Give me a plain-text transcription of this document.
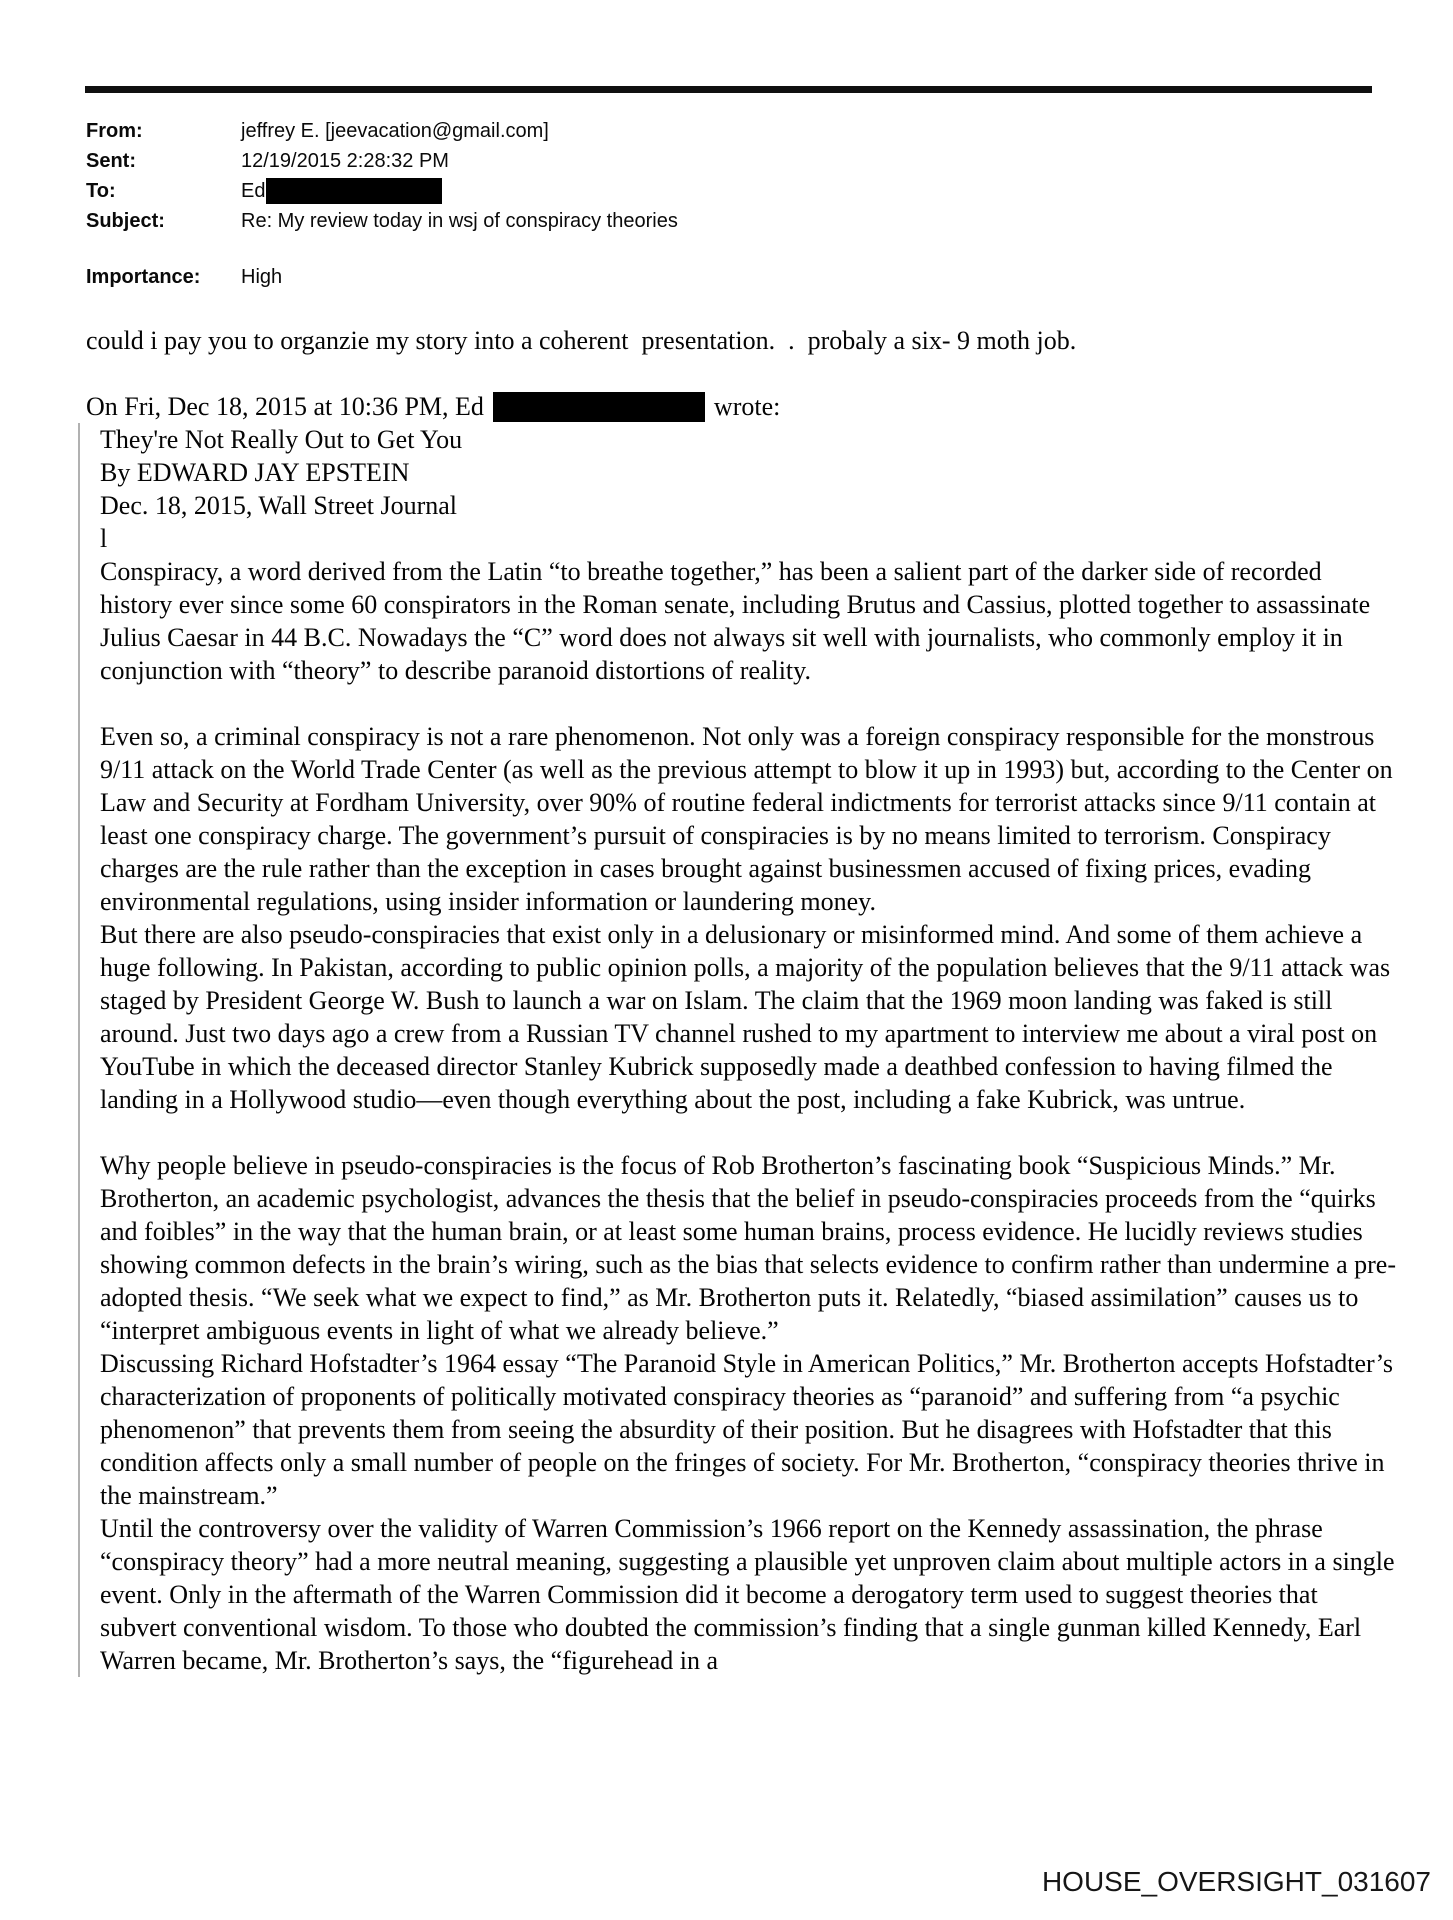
From:	jeffrey E. [jeevacation@gmail.com]
Sent:	12/19/2015 2:28:32 PM
To:	Ed
Subject:	Re: My review today in wsj of conspiracy theories
Importance:	High
could i pay you to organzie my story into a coherent  presentation.  .  probaly a six- 9 moth job.
On Fri, Dec 18, 2015 at 10:36 PM, Ed	wrote:
They're Not Really Out to Get You
By EDWARD JAY EPSTEIN
Dec. 18, 2015, Wall Street Journal
l
Conspiracy, a word derived from the Latin “to breathe together,” has been a salient part of the darker side of recorded history ever since some 60 conspirators in the Roman senate, including Brutus and Cassius, plotted together to assassinate Julius Caesar in 44 B.C. Nowadays the “C” word does not always sit well with journalists, who commonly employ it in conjunction with “theory” to describe paranoid distortions of reality.
Even so, a criminal conspiracy is not a rare phenomenon. Not only was a foreign conspiracy responsible for the monstrous 9/11 attack on the World Trade Center (as well as the previous attempt to blow it up in 1993) but, according to the Center on Law and Security at Fordham University, over 90% of routine federal indictments for terrorist attacks since 9/11 contain at least one conspiracy charge. The government’s pursuit of conspiracies is by no means limited to terrorism. Conspiracy charges are the rule rather than the exception in cases brought against businessmen accused of fixing prices, evading environmental regulations, using insider information or laundering money.
But there are also pseudo-conspiracies that exist only in a delusionary or misinformed mind. And some of them achieve a huge following. In Pakistan, according to public opinion polls, a majority of the population believes that the 9/11 attack was staged by President George W. Bush to launch a war on Islam. The claim that the 1969 moon landing was faked is still around. Just two days ago a crew from a Russian TV channel rushed to my apartment to interview me about a viral post on YouTube in which the deceased director Stanley Kubrick supposedly made a deathbed confession to having filmed the landing in a Hollywood studio—even though everything about the post, including a fake Kubrick, was untrue.
Why people believe in pseudo-conspiracies is the focus of Rob Brotherton’s fascinating book “Suspicious Minds.” Mr. Brotherton, an academic psychologist, advances the thesis that the belief in pseudo-conspiracies proceeds from the “quirks and foibles” in the way that the human brain, or at least some human brains, process evidence. He lucidly reviews studies showing common defects in the brain’s wiring, such as the bias that selects evidence to confirm rather than undermine a pre-adopted thesis. “We seek what we expect to find,” as Mr. Brotherton puts it. Relatedly, “biased assimilation” causes us to “interpret ambiguous events in light of what we already believe.”
Discussing Richard Hofstadter’s 1964 essay “The Paranoid Style in American Politics,” Mr. Brotherton accepts Hofstadter’s characterization of proponents of politically motivated conspiracy theories as “paranoid” and suffering from “a psychic phenomenon” that prevents them from seeing the absurdity of their position. But he disagrees with Hofstadter that this condition affects only a small number of people on the fringes of society. For Mr. Brotherton, “conspiracy theories thrive in the mainstream.”
Until the controversy over the validity of Warren Commission’s 1966 report on the Kennedy assassination, the phrase “conspiracy theory” had a more neutral meaning, suggesting a plausible yet unproven claim about multiple actors in a single event. Only in the aftermath of the Warren Commission did it become a derogatory term used to suggest theories that subvert conventional wisdom. To those who doubted the commission’s finding that a single gunman killed Kennedy, Earl Warren became, Mr. Brotherton’s says, the “figurehead in a
HOUSE_OVERSIGHT_031607
